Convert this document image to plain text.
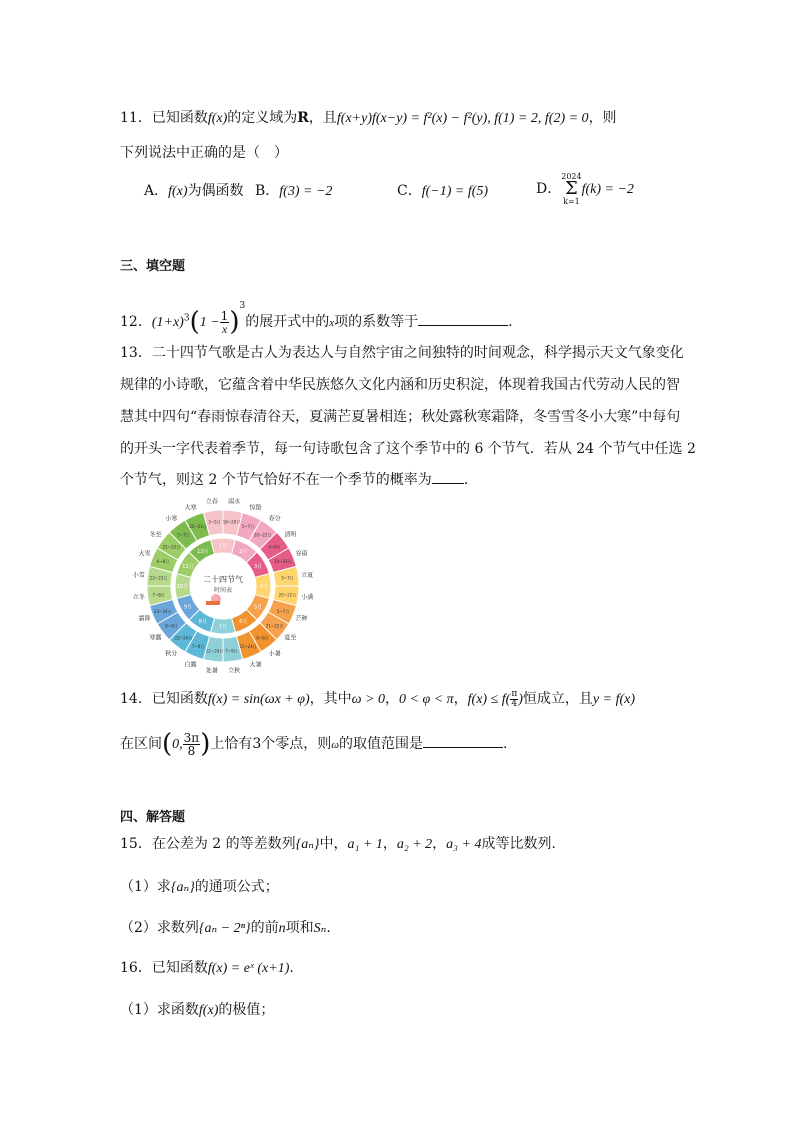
11．已知函数f(x)的定义域为R，且f(x+y)f(x−y) = f²(x) − f²(y), f(1) = 2, f(2) = 0，则
下列说法中正确的是（　）
A．f(x)为偶函数 B．f(3) = −2	C．f(−1) = f(5)	D．
2024
Σ
k=1
f(k) = −2
三、填空题
12．$(1+x)^3(1 - \frac{1}{x} )^3$的展开式中的x项的系数等于	.
13．二十四节气歌是古人为表达人与自然宇宙之间独特的时间观念，科学揭示天文气象变化
规律的小诗歌，它蕴含着中华民族悠久文化内涵和历史积淀，体现着我国古代劳动人民的智
慧其中四句“春雨惊春清谷天，夏满芒夏暑相连；秋处露秋寒霜降，冬雪雪冬小大寒”中每句
的开头一字代表着季节，每一句诗歌包含了这个季节中的 6 个节气．若从 24 个节气中任选 2
个节气，则这 2 个节气恰好不在一个季节的概率为 ．
3~5日 18~20日
5~7日
20~22日
4~6日
19~21日
5~7日
20~22日
5~7日
21~22日
6~8日
22~24日
7~9日
22~24日
7~9日
22~24日
8~9日
23~24日
7~8日
22~23日
6~8日
21~23日
5~7日
20~21日
1月
2月
3月
4月
5月
6月
7月
8月
9月
10月
11月
12月
立春 雨水
惊蛰
春分
清明
谷雨
立夏
小满
芒种
夏至
小暑
大暑
立秋
处暑
白露
秋分
寒露
霜降
立冬
小雪
大雪
冬至
小寒
大寒
二十四节气
时间表
14．已知函数f(x) = sin(ωx + φ)，其中ω > 0，0 < φ < π，$f(x) \le f( \frac{\pi}{4}$ )恒成立，且y = f(x)
在区间(0, $\frac{3\pi}{8}$ )上恰有3个零点，则ω的取值范围是	.
四、解答题
15．在公差为 2 的等差数列{aₙ}中，a₁ + 1，a₂ + 2，a₃ + 4成等比数列.
（1）求{aₙ}的通项公式；
（2）求数列{aₙ − 2ⁿ}的前n项和Sₙ.
16．已知函数f(x) = eˣ (x+1).
（1）求函数f(x)的极值；
